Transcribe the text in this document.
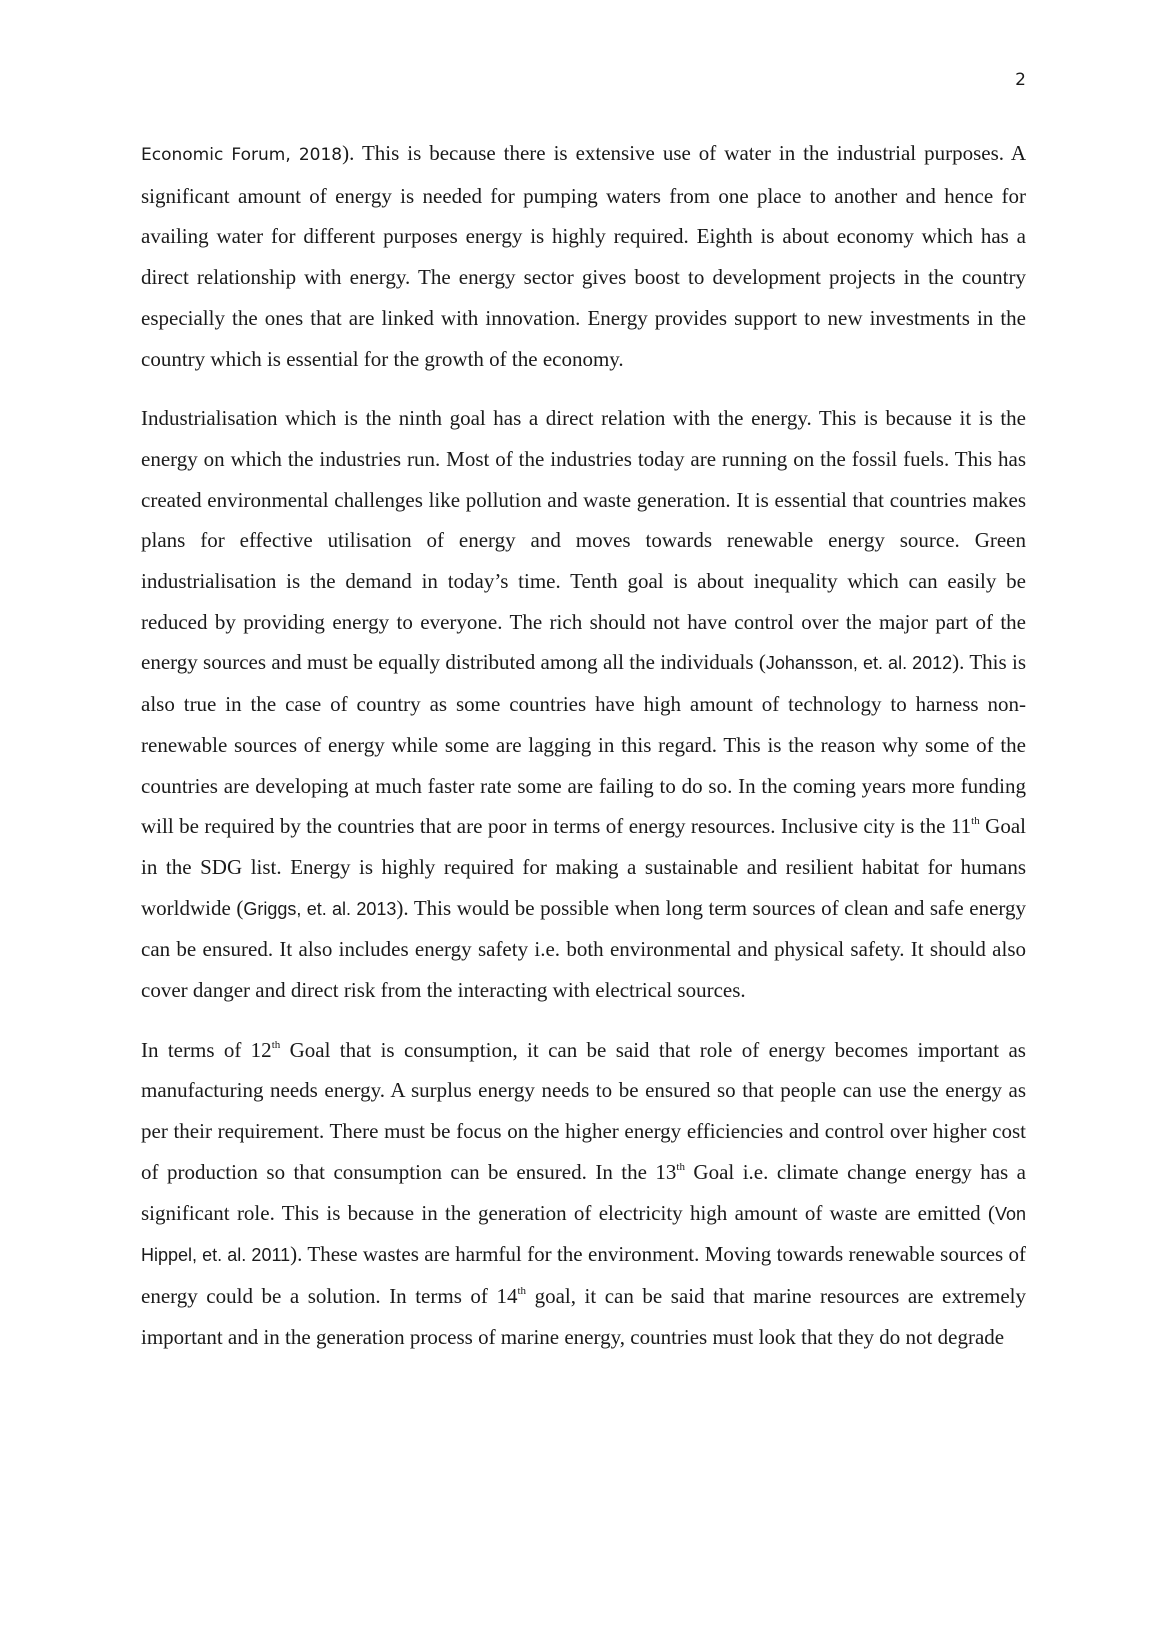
2

Economic Forum, 2018). This is because there is extensive use of water in the industrial purposes. A significant amount of energy is needed for pumping waters from one place to another and hence for availing water for different purposes energy is highly required. Eighth is about economy which has a direct relationship with energy. The energy sector gives boost to development projects in the country especially the ones that are linked with innovation. Energy provides support to new investments in the country which is essential for the growth of the economy.

Industrialisation which is the ninth goal has a direct relation with the energy. This is because it is the energy on which the industries run. Most of the industries today are running on the fossil fuels. This has created environmental challenges like pollution and waste generation. It is essential that countries makes plans for effective utilisation of energy and moves towards renewable energy source. Green industrialisation is the demand in today’s time. Tenth goal is about inequality which can easily be reduced by providing energy to everyone. The rich should not have control over the major part of the energy sources and must be equally distributed among all the individuals (Johansson, et. al. 2012). This is also true in the case of country as some countries have high amount of technology to harness non-renewable sources of energy while some are lagging in this regard. This is the reason why some of the countries are developing at much faster rate some are failing to do so. In the coming years more funding will be required by the countries that are poor in terms of energy resources. Inclusive city is the 11th Goal in the SDG list. Energy is highly required for making a sustainable and resilient habitat for humans worldwide (Griggs, et. al. 2013). This would be possible when long term sources of clean and safe energy can be ensured. It also includes energy safety i.e. both environmental and physical safety. It should also cover danger and direct risk from the interacting with electrical sources.

In terms of 12th Goal that is consumption, it can be said that role of energy becomes important as manufacturing needs energy. A surplus energy needs to be ensured so that people can use the energy as per their requirement. There must be focus on the higher energy efficiencies and control over higher cost of production so that consumption can be ensured. In the 13th Goal i.e. climate change energy has a significant role. This is because in the generation of electricity high amount of waste are emitted (Von Hippel, et. al. 2011). These wastes are harmful for the environment. Moving towards renewable sources of energy could be a solution. In terms of 14th goal, it can be said that marine resources are extremely important and in the generation process of marine energy, countries must look that they do not degrade
